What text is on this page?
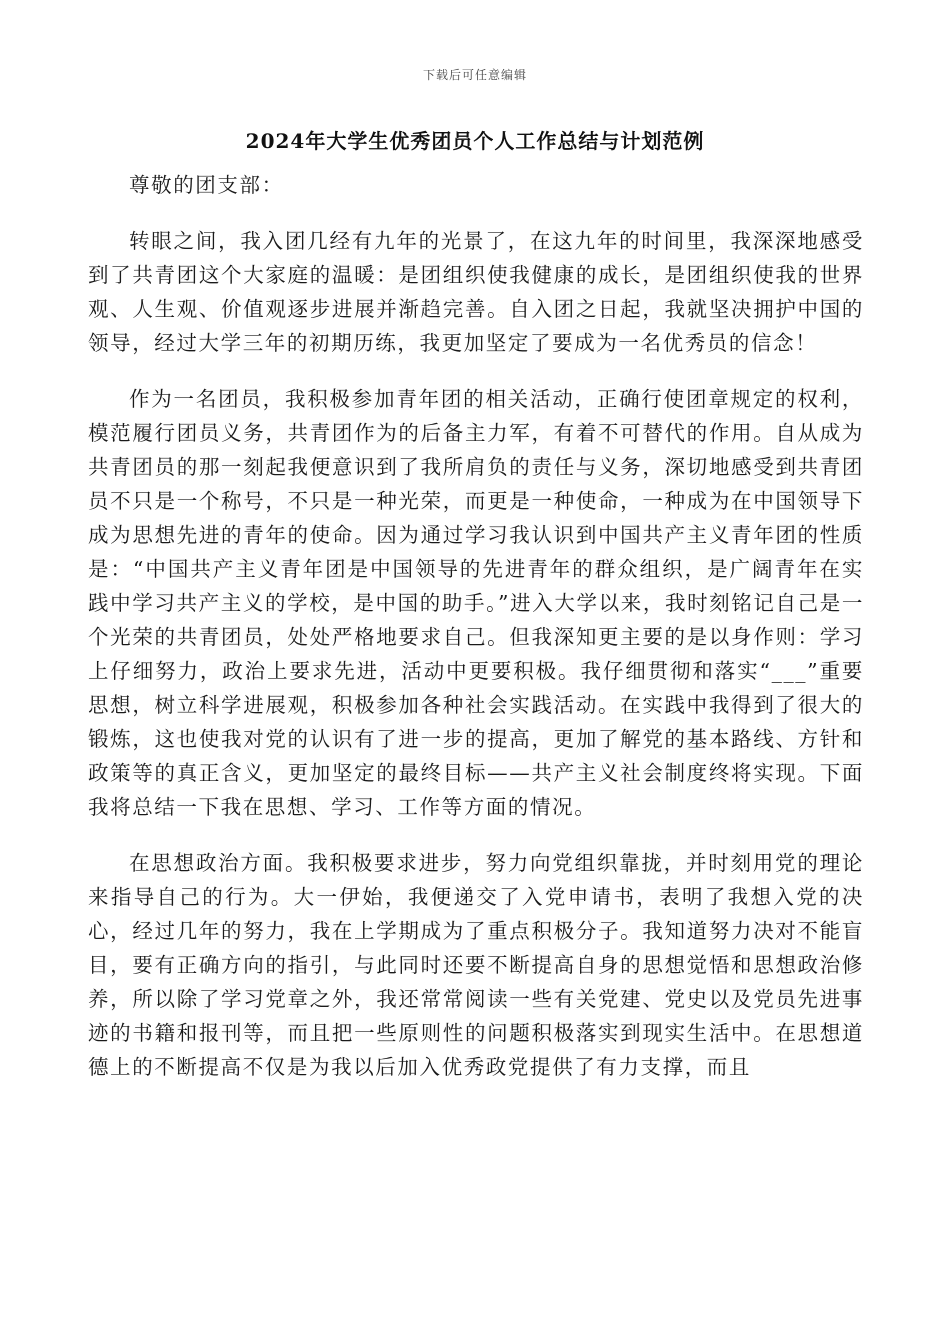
下载后可任意编辑
2024年大学生优秀团员个人工作总结与计划范例

尊敬的团支部：

转眼之间，我入团几经有九年的光景了，在这九年的时间里，我深深地感受到了共青团这个大家庭的温暖：是团组织使我健康的成长，是团组织使我的世界观、人生观、价值观逐步进展并渐趋完善。自入团之日起，我就坚决拥护中国的领导，经过大学三年的初期历练，我更加坚定了要成为一名优秀员的信念！

作为一名团员，我积极参加青年团的相关活动，正确行使团章规定的权利，模范履行团员义务，共青团作为的后备主力军，有着不可替代的作用。自从成为共青团员的那一刻起我便意识到了我所肩负的责任与义务，深切地感受到共青团员不只是一个称号，不只是一种光荣，而更是一种使命，一种成为在中国领导下成为思想先进的青年的使命。因为通过学习我认识到中国共产主义青年团的性质是：“中国共产主义青年团是中国领导的先进青年的群众组织，是广阔青年在实践中学习共产主义的学校，是中国的助手。”进入大学以来，我时刻铭记自己是一个光荣的共青团员，处处严格地要求自己。但我深知更主要的是以身作则：学习上仔细努力，政治上要求先进，活动中更要积极。我仔细贯彻和落实“___”重要思想，树立科学进展观，积极参加各种社会实践活动。在实践中我得到了很大的锻炼，这也使我对党的认识有了进一步的提高，更加了解党的基本路线、方针和政策等的真正含义，更加坚定的最终目标——共产主义社会制度终将实现。下面我将总结一下我在思想、学习、工作等方面的情况。

在思想政治方面。我积极要求进步，努力向党组织靠拢，并时刻用党的理论来指导自己的行为。大一伊始，我便递交了入党申请书，表明了我想入党的决心，经过几年的努力，我在上学期成为了重点积极分子。我知道努力决对不能盲目，要有正确方向的指引，与此同时还要不断提高自身的思想觉悟和思想政治修养，所以除了学习党章之外，我还常常阅读一些有关党建、党史以及党员先进事迹的书籍和报刊等，而且把一些原则性的问题积极落实到现实生活中。在思想道德上的不断提高不仅是为我以后加入优秀政党提供了有力支撑，而且
